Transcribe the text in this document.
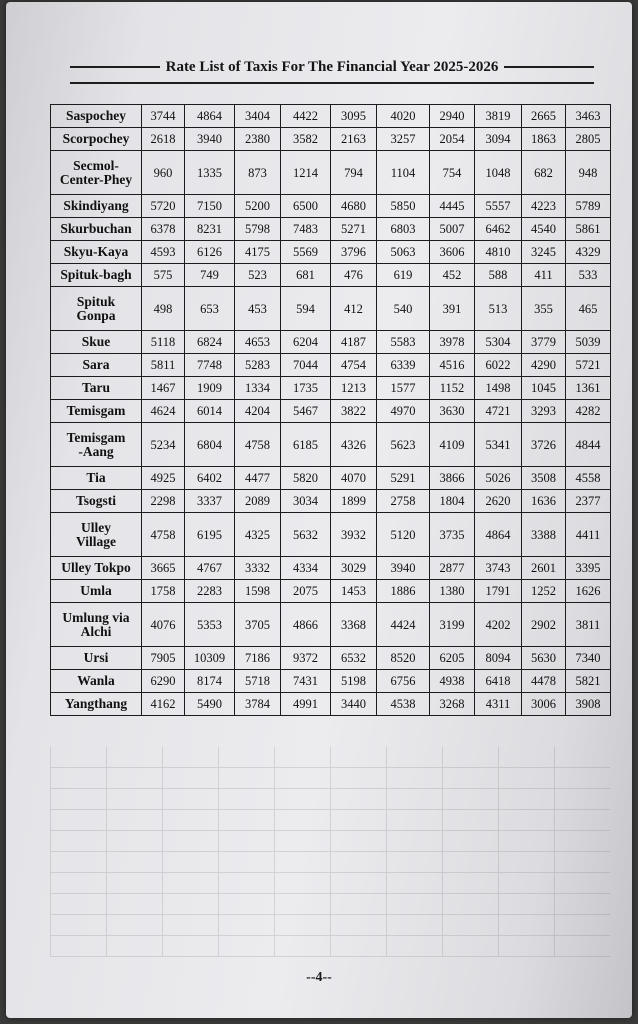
Rate List of Taxis For The Financial Year 2025-2026
Saspochey	3744	4864	3404	4422	3095	4020	2940	3819	2665	3463
Scorpochey	2618	3940	2380	3582	2163	3257	2054	3094	1863	2805
Secmol-
Center-Phey	960	1335	873	1214	794	1104	754	1048	682	948
Skindiyang	5720	7150	5200	6500	4680	5850	4445	5557	4223	5789
Skurbuchan	6378	8231	5798	7483	5271	6803	5007	6462	4540	5861
Skyu-Kaya	4593	6126	4175	5569	3796	5063	3606	4810	3245	4329
Spituk-bagh	575	749	523	681	476	619	452	588	411	533
Spituk
Gonpa	498	653	453	594	412	540	391	513	355	465
Skue	5118	6824	4653	6204	4187	5583	3978	5304	3779	5039
Sara	5811	7748	5283	7044	4754	6339	4516	6022	4290	5721
Taru	1467	1909	1334	1735	1213	1577	1152	1498	1045	1361
Temisgam	4624	6014	4204	5467	3822	4970	3630	4721	3293	4282
Temisgam
-Aang	5234	6804	4758	6185	4326	5623	4109	5341	3726	4844
Tia	4925	6402	4477	5820	4070	5291	3866	5026	3508	4558
Tsogsti	2298	3337	2089	3034	1899	2758	1804	2620	1636	2377
Ulley
Village	4758	6195	4325	5632	3932	5120	3735	4864	3388	4411
Ulley Tokpo	3665	4767	3332	4334	3029	3940	2877	3743	2601	3395
Umla	1758	2283	1598	2075	1453	1886	1380	1791	1252	1626
Umlung via
Alchi	4076	5353	3705	4866	3368	4424	3199	4202	2902	3811
Ursi	7905	10309	7186	9372	6532	8520	6205	8094	5630	7340
Wanla	6290	8174	5718	7431	5198	6756	4938	6418	4478	5821
Yangthang	4162	5490	3784	4991	3440	4538	3268	4311	3006	3908
--4--
